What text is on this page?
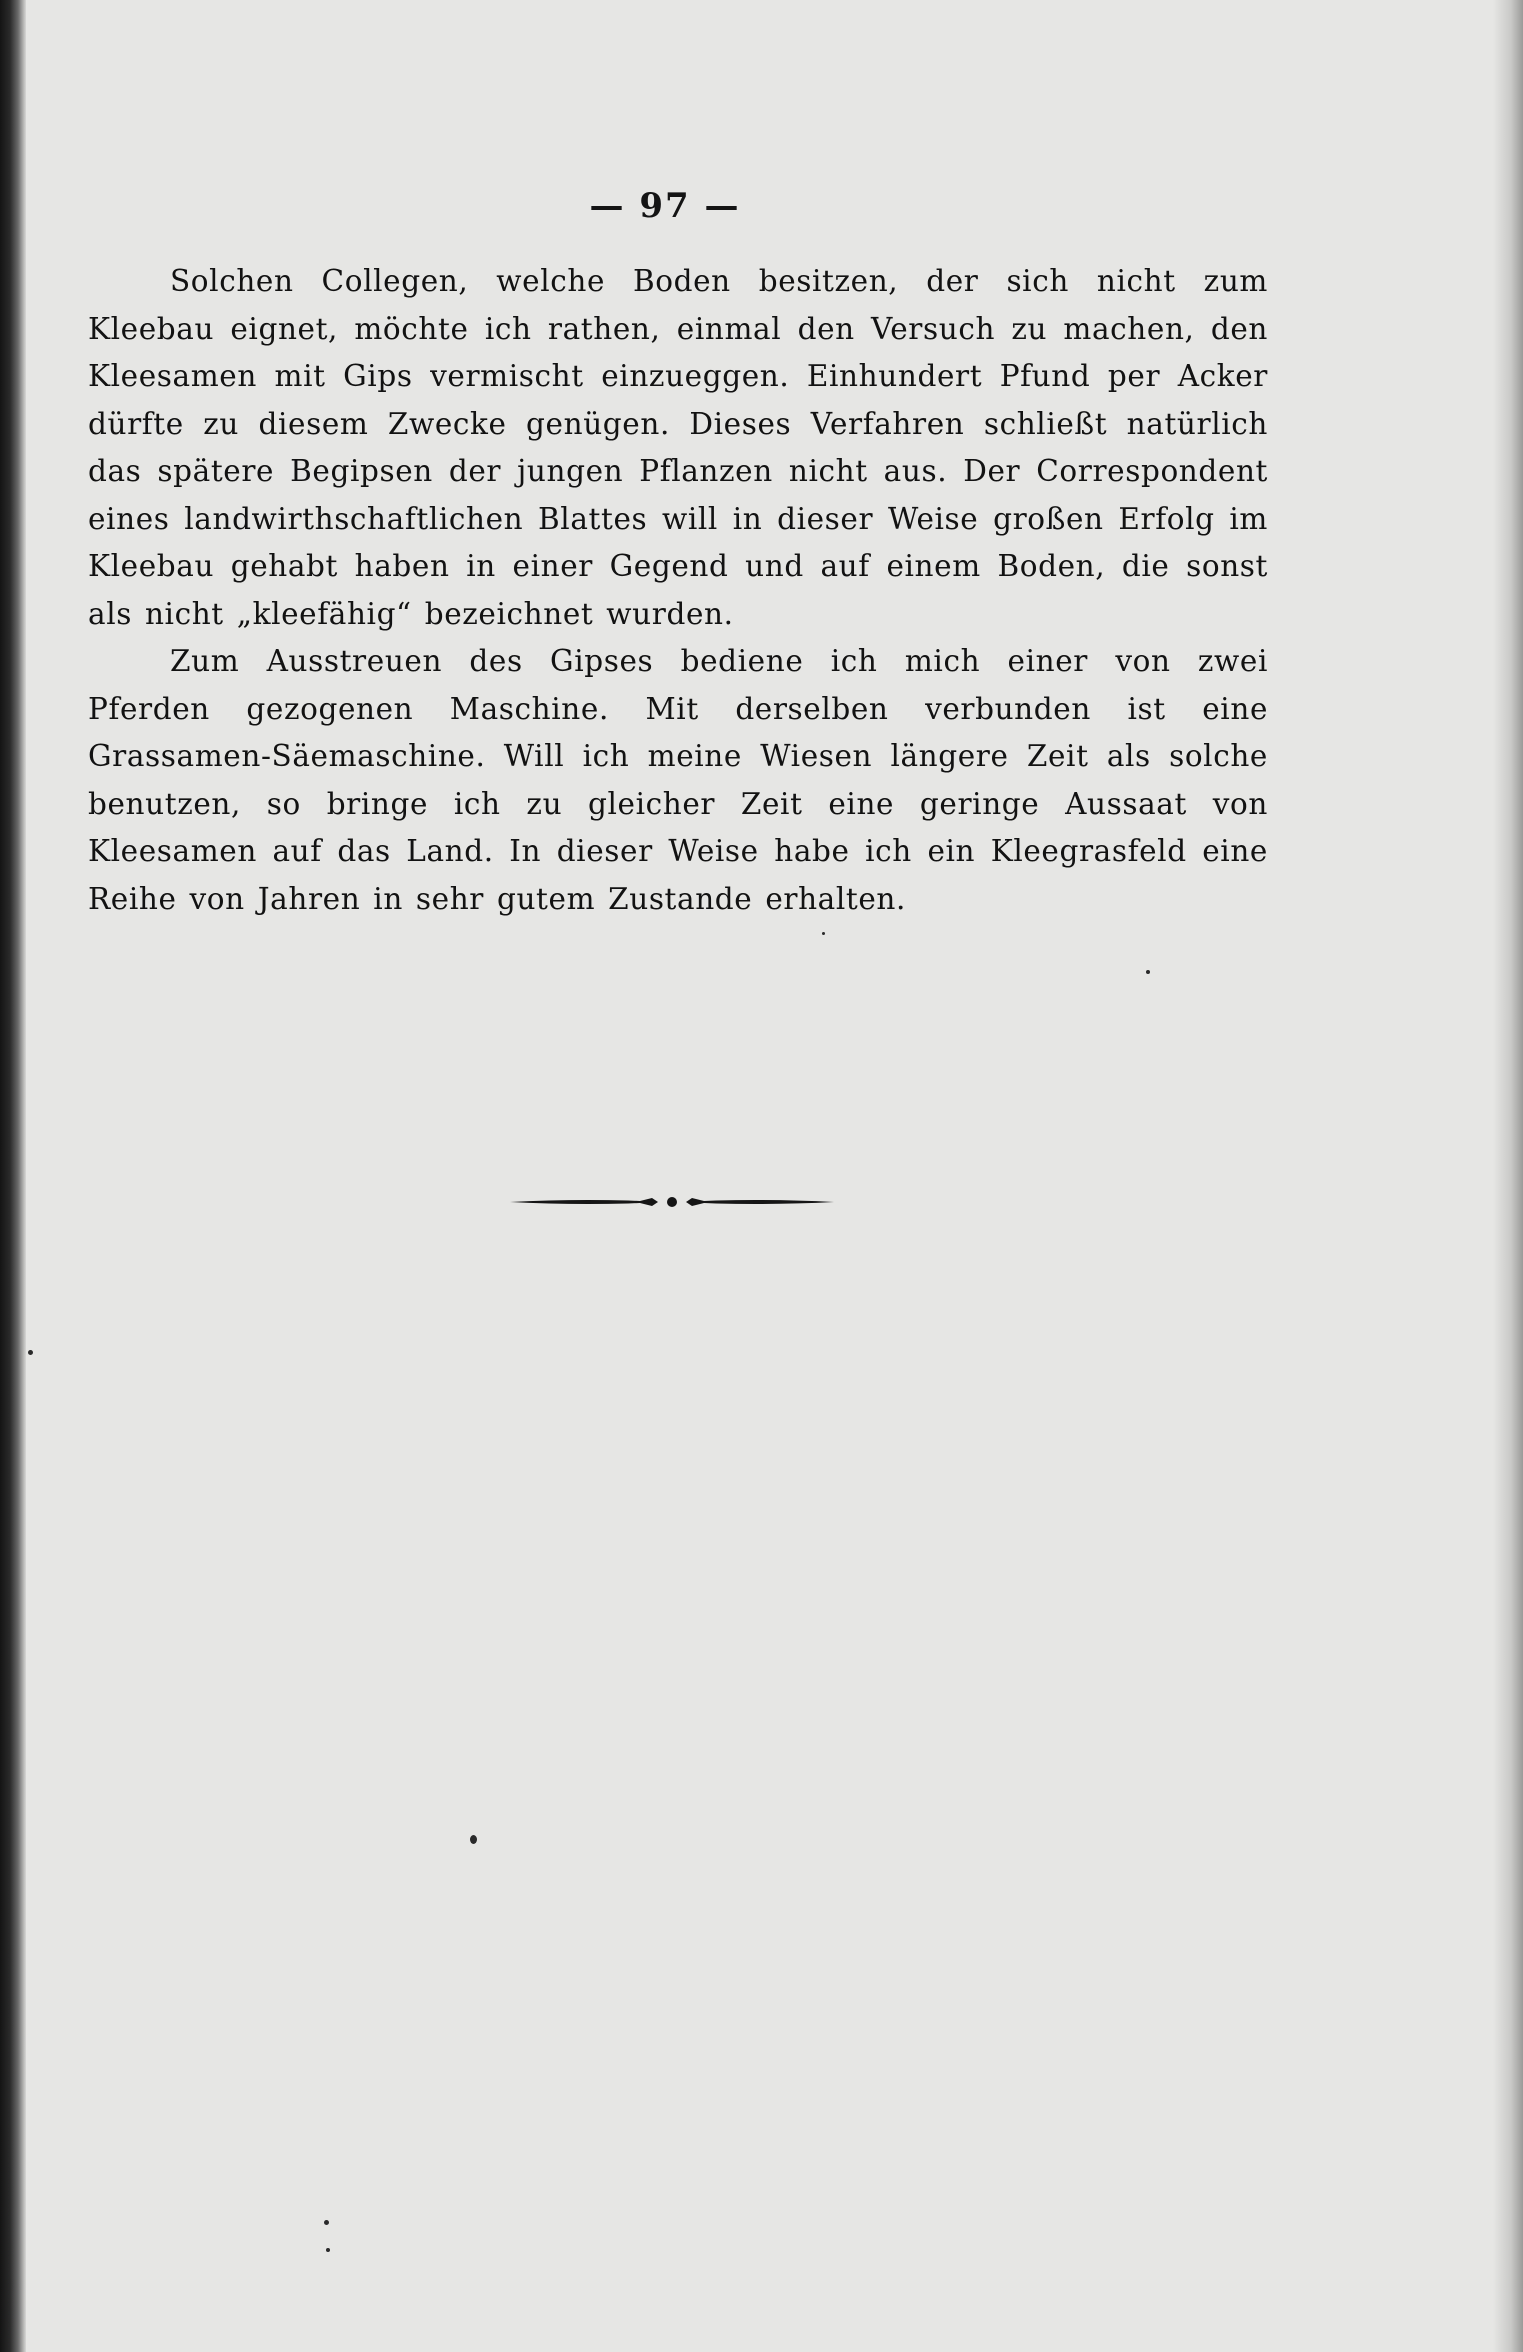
— 97 —

Solchen Collegen, welche Boden besitzen, der sich nicht zum Kleebau eignet, möchte ich rathen, einmal den Versuch zu machen, den Kleesamen mit Gips vermischt einzueggen. Einhundert Pfund per Acker dürfte zu diesem Zwecke genügen. Dieses Verfahren schließt natürlich das spätere Begipsen der jungen Pflanzen nicht aus. Der Correspondent eines landwirthschaftlichen Blattes will in dieser Weise großen Erfolg im Kleebau gehabt haben in einer Gegend und auf einem Boden, die sonst als nicht „kleefähig“ bezeichnet wurden.

Zum Ausstreuen des Gipses bediene ich mich einer von zwei Pferden gezogenen Maschine. Mit derselben verbunden ist eine Grassamen-Säemaschine. Will ich meine Wiesen längere Zeit als solche benutzen, so bringe ich zu gleicher Zeit eine geringe Aussaat von Kleesamen auf das Land. In dieser Weise habe ich ein Kleegrasfeld eine Reihe von Jahren in sehr gutem Zustande erhalten.
